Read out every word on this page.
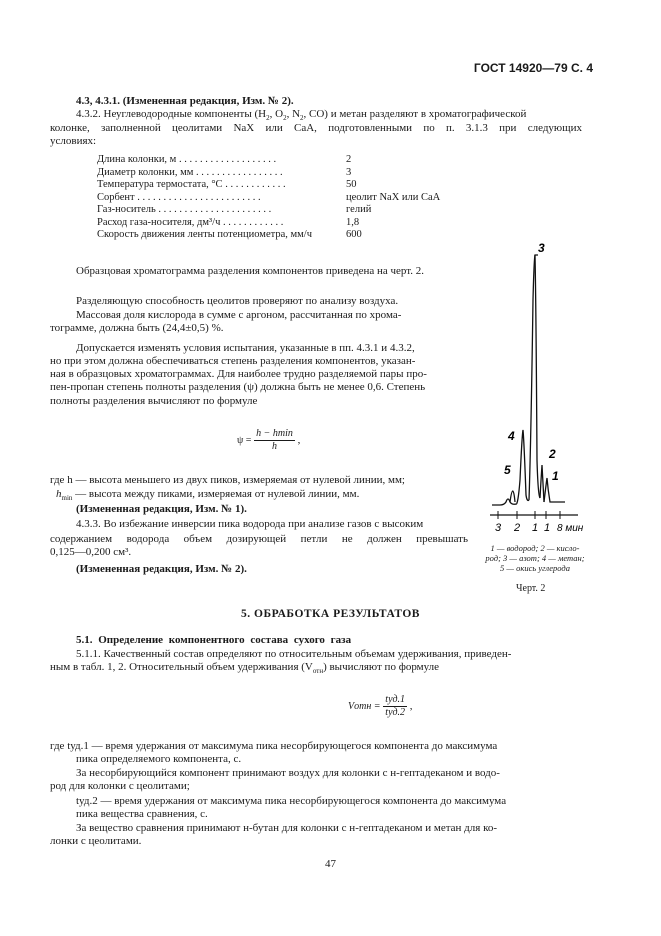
ГОСТ 14920—79 С. 4
4.3, 4.3.1. (Измененная редакция, Изм. № 2).
4.3.2. Неуглеводородные компоненты ($H_2$, $O_2$, $N_2$, CO) и метан разделяют в хроматографической
колонке, заполненной цеолитами NaX или CaA, подготовленными по п. 3.1.3 при следующих
условиях:
Длина колонки, м . . . . . . . . . . . . . . . . . . .	2
Диаметр колонки, мм . . . . . . . . . . . . . . . . .	3
Температура термостата, °C . . . . . . . . . . . .	50
Сорбент . . . . . . . . . . . . . . . . . . . . . . . .	цеолит NaX или CaA
Газ-носитель . . . . . . . . . . . . . . . . . . . . . .	гелий
Расход газа-носителя, дм³/ч . . . . . . . . . . . .	1,8
Скорость движения ленты потенциометра, мм/ч	600
Образцовая хроматограмма разделения компонентов приведена на черт. 2.
Разделяющую способность цеолитов проверяют по анализу воздуха.
Массовая доля кислорода в сумме с аргоном, рассчитанная по хрома-
тограмме, должна быть (24,4±0,5) %.
Допускается изменять условия испытания, указанные в пп. 4.3.1 и 4.3.2,
но при этом должна обеспечиваться степень разделения компонентов, указан-
ная в образцовых хроматограммах. Для наиболее трудно разделяемой пары про-
пен-пропан степень полноты разделения (ψ) должна быть не менее 0,6. Степень
полноты разделения вычисляют по формуле
$\psi = \frac{h - hmin}{h}$ ,
где h — высота меньшего из двух пиков, измеряемая от нулевой линии, мм;
$h_{min}$ — высота между пиками, измеряемая от нулевой линии, мм.
(Измененная редакция, Изм. № 1).
4.3.3. Во избежание инверсии пика водорода при анализе газов с высоким
содержанием водорода объем дозирующей петли не должен превышать
0,125—0,200 см³.
(Измененная редакция, Изм. № 2).
3
4
2
5	1
3 2 1 1 8 мин
1 — водород; 2 — кисло-
род; 3 — азот; 4 — метан;
5 — окись углерода
Черт. 2
5. ОБРАБОТКА РЕЗУЛЬТАТОВ
5.1. Определение компонентного состава сухого газа
5.1.1. Качественный состав определяют по относительным объемам удерживания, приведен-
ным в табл. 1, 2. Относительный объем удерживания $(V_{отн})$ вычисляют по формуле
Vотн = $\frac{\text{tуд.1}}{\text{tуд.2}}$ ,
где tуд.1 — время удержания от максимума пика несорбирующегося компонента до максимума
пика определяемого компонента, с.
За несорбирующийся компонент принимают воздух для колонки с н-гептадеканом и водо-
род для колонки с цеолитами;
tуд.2 — время удержания от максимума пика несорбирующегося компонента до максимума
пика вещества сравнения, с.
За вещество сравнения принимают н-бутан для колонки с н-гептадеканом и метан для ко-
лонки с цеолитами.
47
